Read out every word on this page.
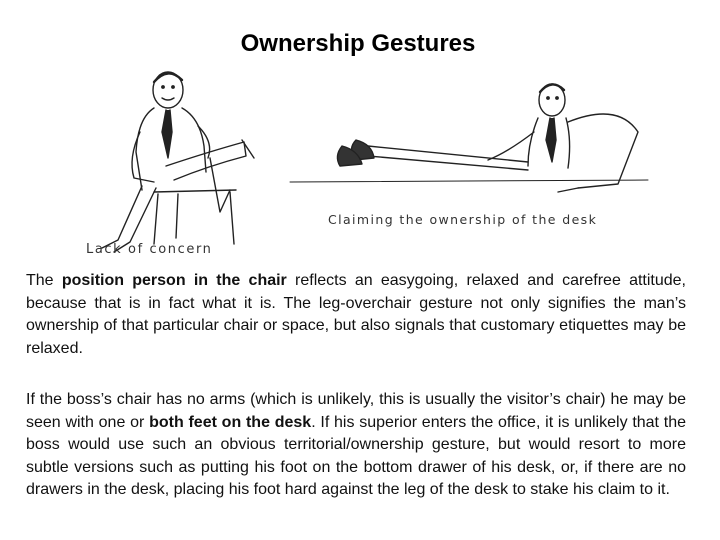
Ownership Gestures
Lack of concern
Claiming the ownership of the desk

The position person in the chair reflects an easygoing, relaxed and carefree attitude, because that is in fact what it is. The leg-overchair gesture not only signifies the man’s ownership of that particular chair or space, but also signals that customary etiquettes may be relaxed.

If the boss’s chair has no arms (which is unlikely, this is usually the visitor’s chair) he may be seen with one or both feet on the desk. If his superior enters the office, it is unlikely that the boss would use such an obvious territorial/ownership gesture, but would resort to more subtle versions such as putting his foot on the bottom drawer of his desk, or, if there are no drawers in the desk, placing his foot hard against the leg of the desk to stake his claim to it.
